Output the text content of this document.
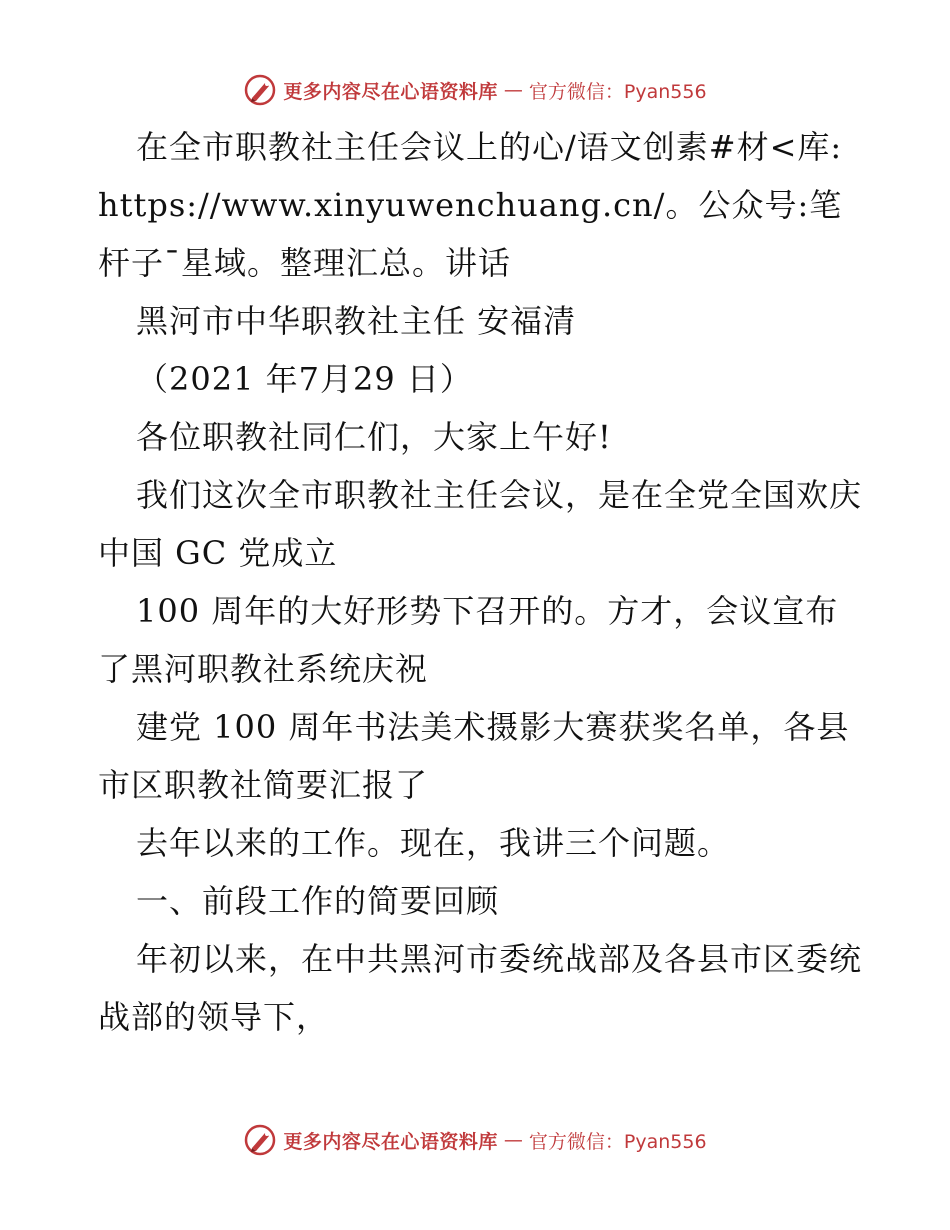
更多内容尽在心语资料库 — 官方微信：Pyan556

在全市职教社主任会议上的心/语文创素#材<库: https://www.xinyuwenchuang.cn/。公众号:笔杆子¯星域。整理汇总。讲话

黑河市中华职教社主任 安福清

（2021 年7月29 日）

各位职教社同仁们，大家上午好!

我们这次全市职教社主任会议，是在全党全国欢庆中国 GC 党成立

100 周年的大好形势下召开的。方才，会议宣布了黑河职教社系统庆祝

建党 100 周年书法美术摄影大赛获奖名单，各县市区职教社简要汇报了

去年以来的工作。现在，我讲三个问题。

一、前段工作的简要回顾

年初以来，在中共黑河市委统战部及各县市区委统战部的领导下，

更多内容尽在心语资料库 — 官方微信：Pyan556
